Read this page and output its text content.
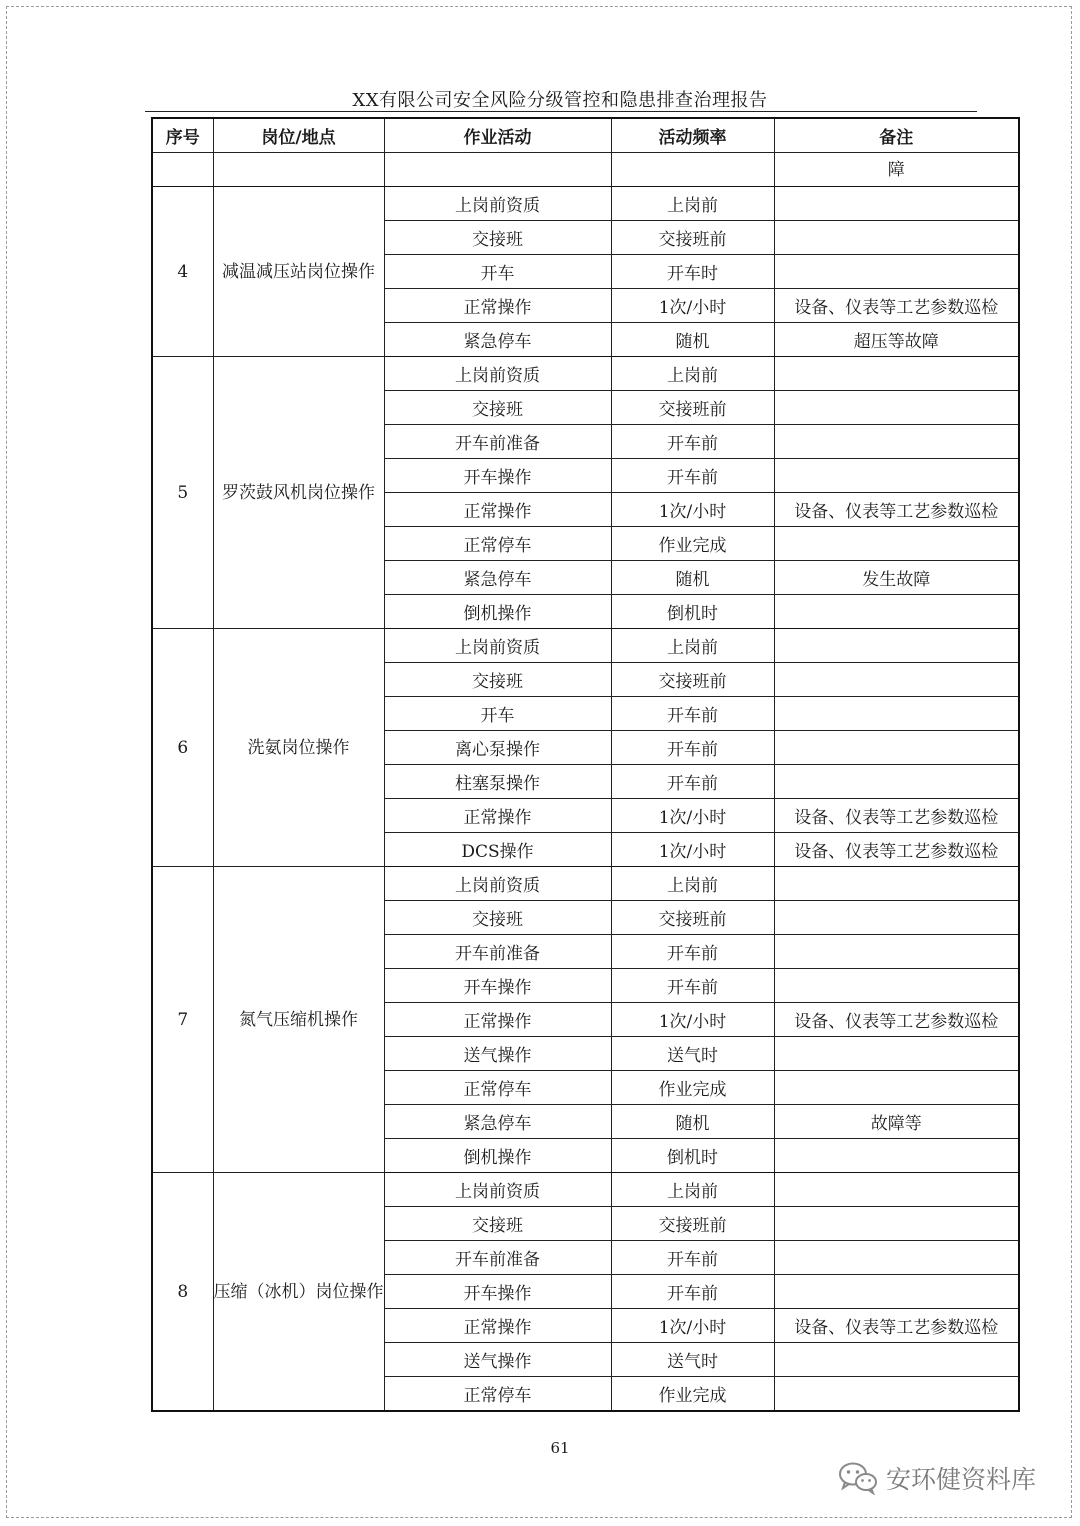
XX有限公司安全风险分级管控和隐患排查治理报告
序号	岗位/地点	作业活动	活动频率	备注
				障
4	减温减压站岗位操作	上岗前资质	上岗前	
		交接班	交接班前	
		开车	开车时	
		正常操作	1次/小时	设备、仪表等工艺参数巡检
		紧急停车	随机	超压等故障
5	罗茨鼓风机岗位操作	上岗前资质	上岗前	
		交接班	交接班前	
		开车前准备	开车前	
		开车操作	开车前	
		正常操作	1次/小时	设备、仪表等工艺参数巡检
		正常停车	作业完成	
		紧急停车	随机	发生故障
		倒机操作	倒机时	
6	洗氨岗位操作	上岗前资质	上岗前	
		交接班	交接班前	
		开车	开车前	
		离心泵操作	开车前	
		柱塞泵操作	开车前	
		正常操作	1次/小时	设备、仪表等工艺参数巡检
		DCS操作	1次/小时	设备、仪表等工艺参数巡检
7	氮气压缩机操作	上岗前资质	上岗前	
		交接班	交接班前	
		开车前准备	开车前	
		开车操作	开车前	
		正常操作	1次/小时	设备、仪表等工艺参数巡检
		送气操作	送气时	
		正常停车	作业完成	
		紧急停车	随机	故障等
		倒机操作	倒机时	
8	压缩（冰机）岗位操作	上岗前资质	上岗前	
		交接班	交接班前	
		开车前准备	开车前	
		开车操作	开车前	
		正常操作	1次/小时	设备、仪表等工艺参数巡检
		送气操作	送气时	
		正常停车	作业完成	
61
安环健资料库
